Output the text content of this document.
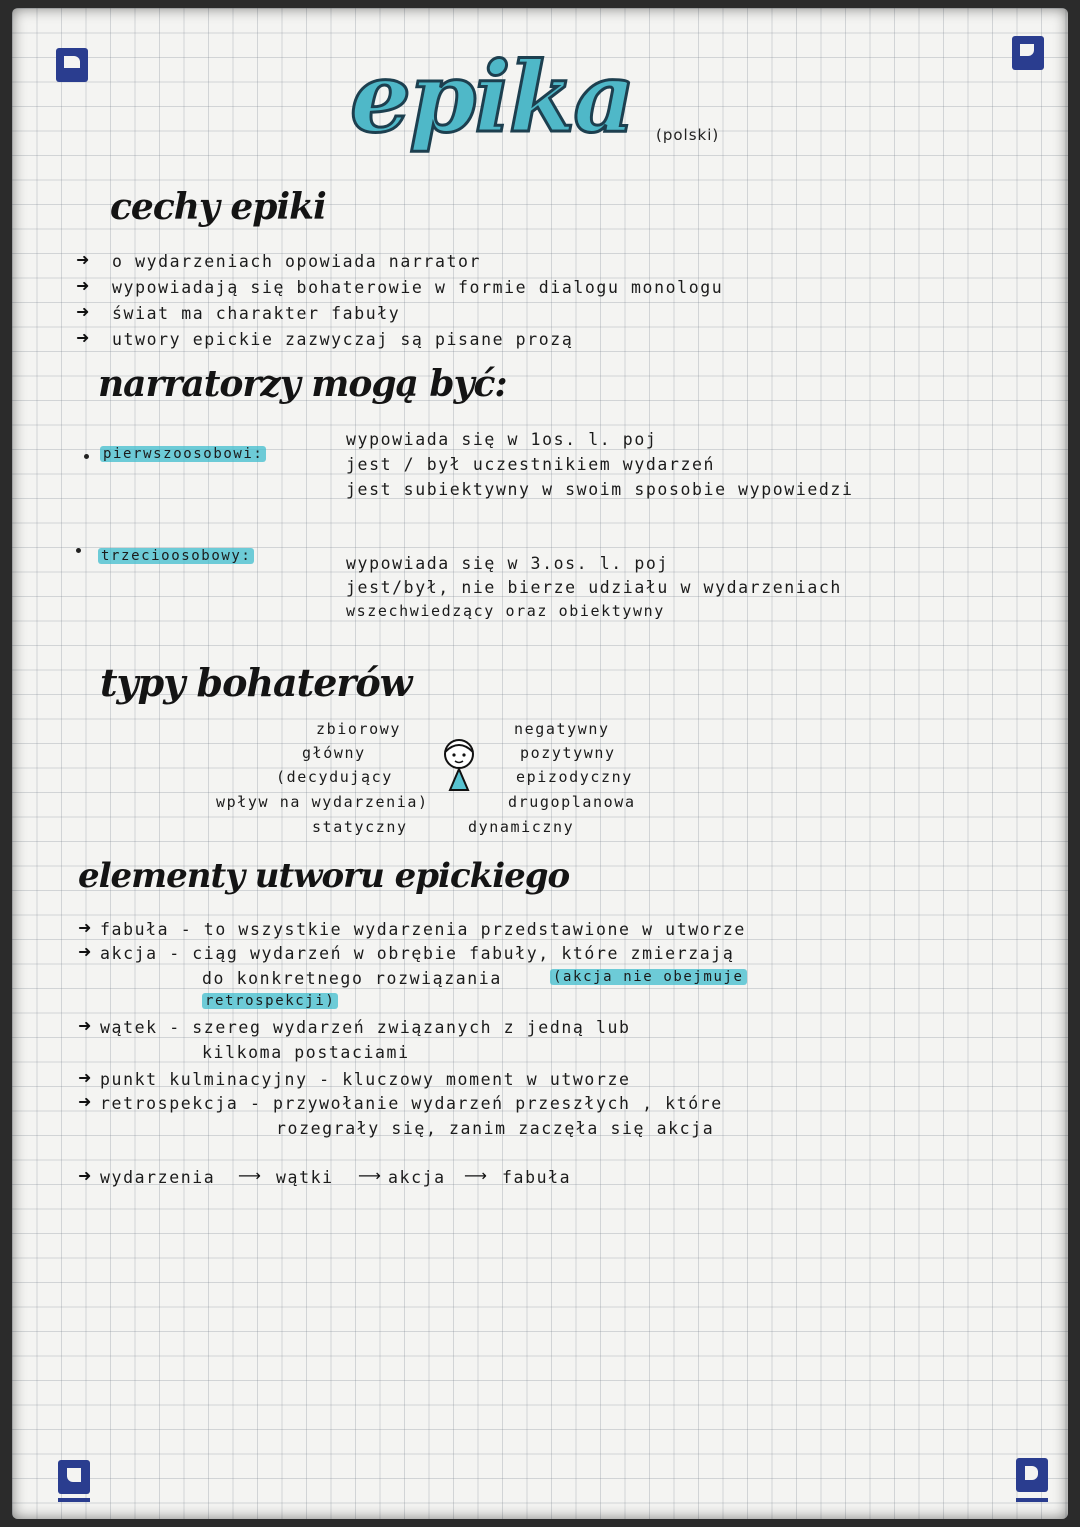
epika (polski)
cechy epiki
➜ o wydarzeniach opowiada narrator
➜ wypowiadają się bohaterowie w formie dialogu monologu
➜ świat ma charakter fabuły
➜ utwory epickie zazwyczaj są pisane prozą
narratorzy mogą być:
pierwszoosobowi:
wypowiada się w 1os. l. poj
jest / był uczestnikiem wydarzeń
jest subiektywny w swoim sposobie wypowiedzi
trzecioosobowy:	wypowiada się w 3.os. l. poj
jest/był, nie bierze udziału w wydarzeniach
wszechwiedzący oraz obiektywny
typy bohaterów
zbiorowy
główny
(decydujący
wpływ na wydarzenia)
statyczny
negatywny
pozytywny
epizodyczny
drugoplanowa
dynamiczny
elementy utworu epickiego
➜ fabuła - to wszystkie wydarzenia przedstawione w utworze
➜ akcja - ciąg wydarzeń w obrębie fabuły, które zmierzają
do konkretnego rozwiązania	(akcja nie obejmuje
retrospekcji)
➜ wątek - szereg wydarzeń związanych z jedną lub
kilkoma postaciami
➜ punkt kulminacyjny - kluczowy moment w utworze
➜ retrospekcja - przywołanie wydarzeń przeszłych , które
rozegrały się, zanim zaczęła się akcja
➜ wydarzenia ⟶ wątki ⟶ akcja ⟶ fabuła
